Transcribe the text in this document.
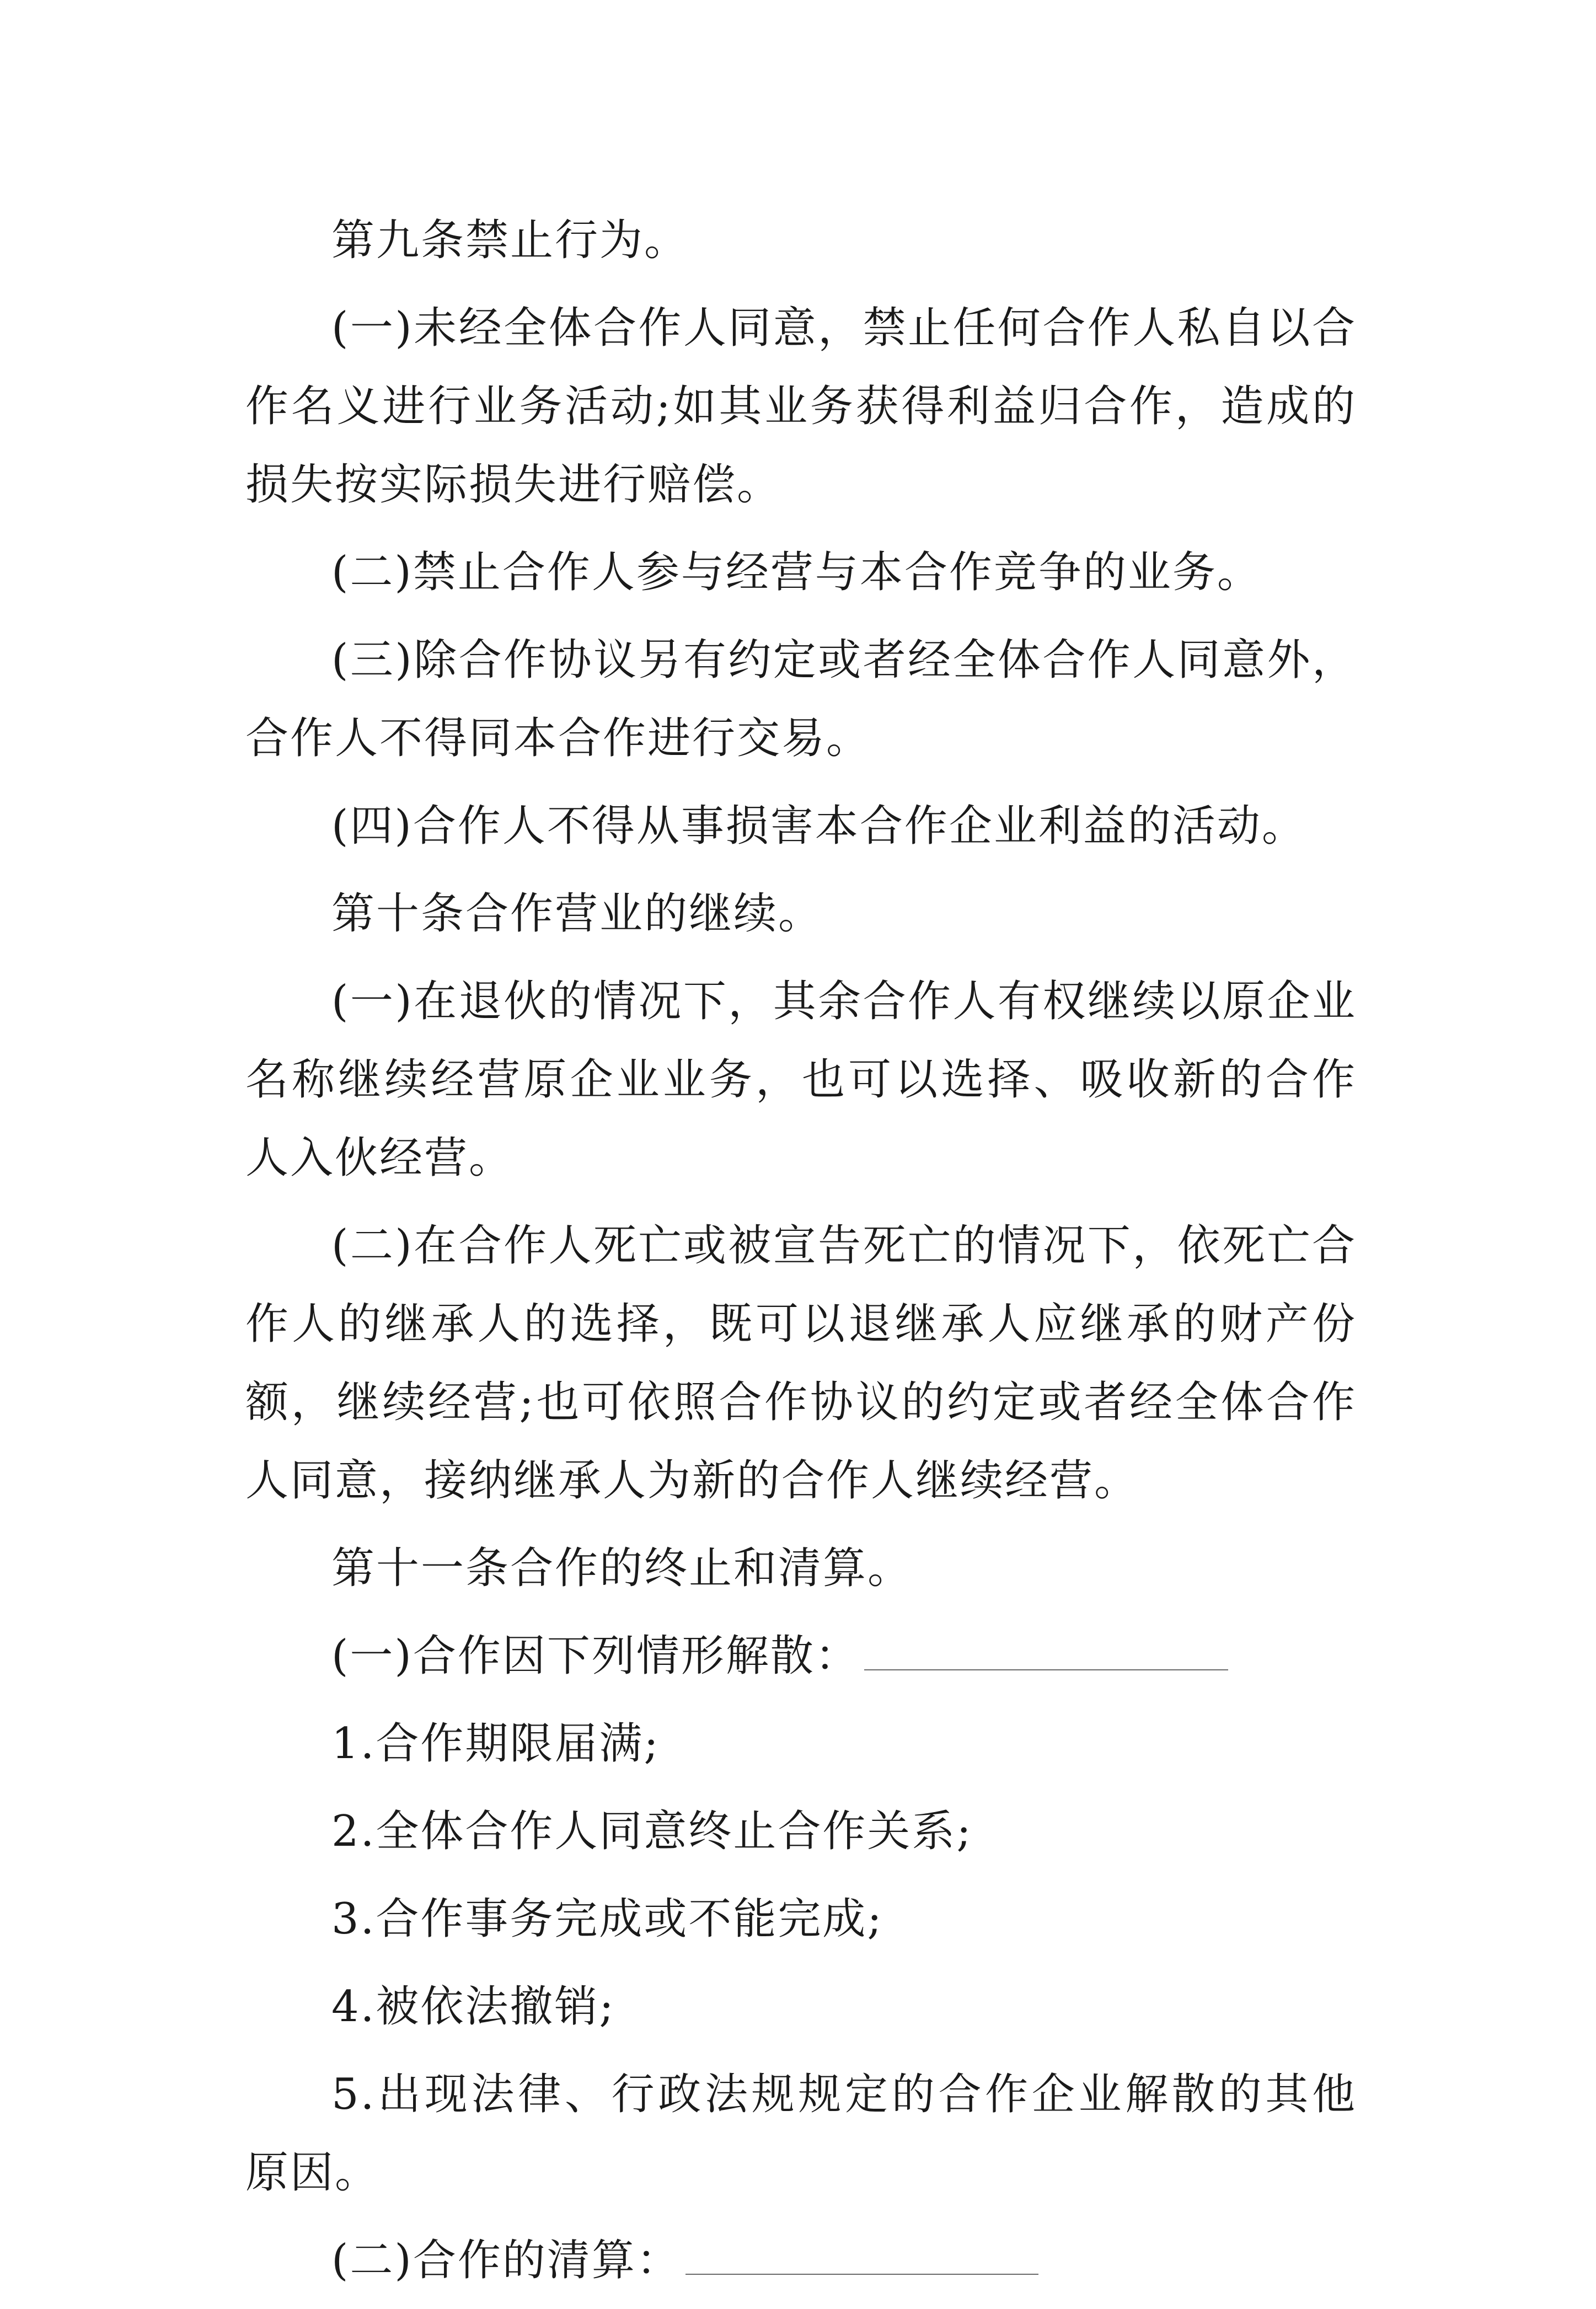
第九条禁止行为。

(一)未经全体合作人同意，禁止任何合作人私自以合作名义进行业务活动;如其业务获得利益归合作，造成的损失按实际损失进行赔偿。

(二)禁止合作人参与经营与本合作竞争的业务。

(三)除合作协议另有约定或者经全体合作人同意外，合作人不得同本合作进行交易。

(四)合作人不得从事损害本合作企业利益的活动。

第十条合作营业的继续。

(一)在退伙的情况下，其余合作人有权继续以原企业名称继续经营原企业业务，也可以选择、吸收新的合作人入伙经营。

(二)在合作人死亡或被宣告死亡的情况下，依死亡合作人的继承人的选择，既可以退继承人应继承的财产份额，继续经营;也可依照合作协议的约定或者经全体合作人同意，接纳继承人为新的合作人继续经营。

第十一条合作的终止和清算。

(一)合作因下列情形解散：

1.合作期限届满;

2.全体合作人同意终止合作关系;

3.合作事务完成或不能完成;

4.被依法撤销;

5.出现法律、行政法规规定的合作企业解散的其他原因。

(二)合作的清算：
